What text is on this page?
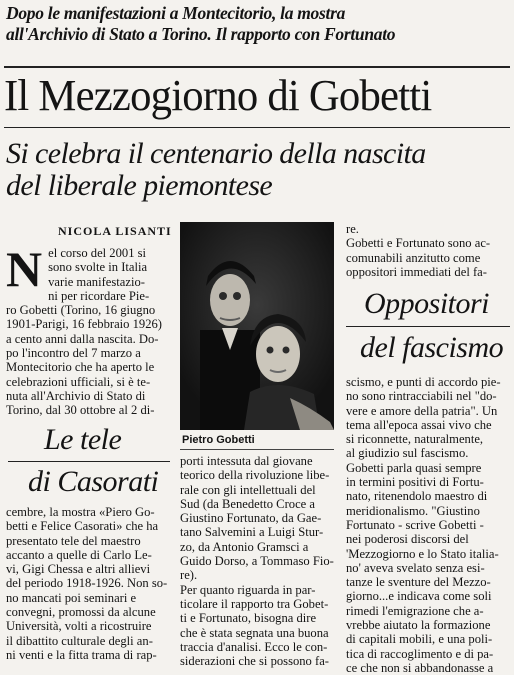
Dopo le manifestazioni a Montecitorio, la mostra
all'Archivio di Stato a Torino. Il rapporto con Fortunato
Il Mezzogiorno di Gobetti
Si celebra il centenario della nascita
del liberale piemontese
NICOLA LISANTI
N el corso del 2001 si
sono svolte in Italia
varie manifestazio-
ni per ricordare Pie-
ro Gobetti (Torino, 16 giugno
1901-Parigi, 16 febbraio 1926)
a cento anni dalla nascita. Do-
po l'incontro del 7 marzo a
Montecitorio che ha aperto le
celebrazioni ufficiali, si è te-
nuta all'Archivio di Stato di
Torino, dal 30 ottobre al 2 di-
Le tele
di Casorati
cembre, la mostra «Piero Go-
betti e Felice Casorati» che ha
presentato tele del maestro
accanto a quelle di Carlo Le-
vi, Gigi Chessa e altri allievi
del periodo 1918-1926. Non so-
no mancati poi seminari e
convegni, promossi da alcune
Università, volti a ricostruire
il dibattito culturale degli an-
ni venti e la fitta trama di rap-
Pietro Gobetti
porti intessuta dal giovane
teorico della rivoluzione libe-
rale con gli intellettuali del
Sud (da Benedetto Croce a
Giustino Fortunato, da Gae-
tano Salvemini a Luigi Stur-
zo, da Antonio Gramsci a
Guido Dorso, a Tommaso Fio-
re).
Per quanto riguarda in par-
ticolare il rapporto tra Gobet-
ti e Fortunato, bisogna dire
che è stata segnata una buona
traccia d'analisi. Ecco le con-
siderazioni che si possono fa-
re.
Gobetti e Fortunato sono ac-
comunabili anzitutto come
oppositori immediati del fa-
Oppositori
del fascismo
scismo, e punti di accordo pie-
no sono rintracciabili nel "do-
vere e amore della patria". Un
tema all'epoca assai vivo che
si riconnette, naturalmente,
al giudizio sul fascismo.
Gobetti parla quasi sempre
in termini positivi di Fortu-
nato, ritenendolo maestro di
meridionalismo. "Giustino
Fortunato - scrive Gobetti -
nei poderosi discorsi del
'Mezzogiorno e lo Stato italia-
no' aveva svelato senza esi-
tanze le sventure del Mezzo-
giorno...e indicava come soli
rimedi l'emigrazione che a-
vrebbe aiutato la formazione
di capitali mobili, e una poli-
tica di raccoglimento e di pa-
ce che non si abbandonasse a
